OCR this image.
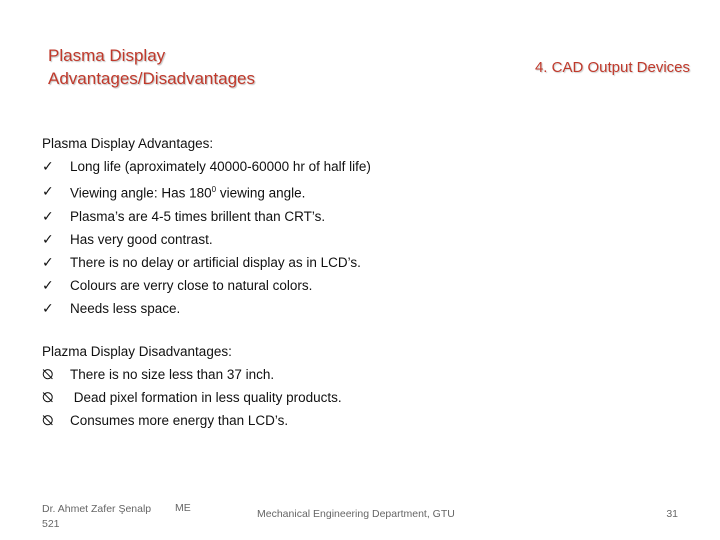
Plasma Display
Advantages/Disadvantages
4. CAD Output Devices
Plasma Display Advantages:
✓	Long life (aproximately 40000-60000 hr of half life)
✓	Viewing angle: Has $180^0$ viewing angle.
✓	Plasma’s are 4-5 times brillent than CRT’s.
✓	Has very good contrast.
✓	There is no delay or artificial display as in LCD’s.
✓	Colours are verry close to natural colors.
✓	Needs less space.
Plazma Display Disadvantages:
⦰	There is no size less than 37 inch.
⦰	Dead pixel formation in less quality products.
⦰	Consumes more energy than LCD’s.
Dr. Ahmet Zafer Şenalp
521
ME	Mechanical Engineering Department, GTU	31
